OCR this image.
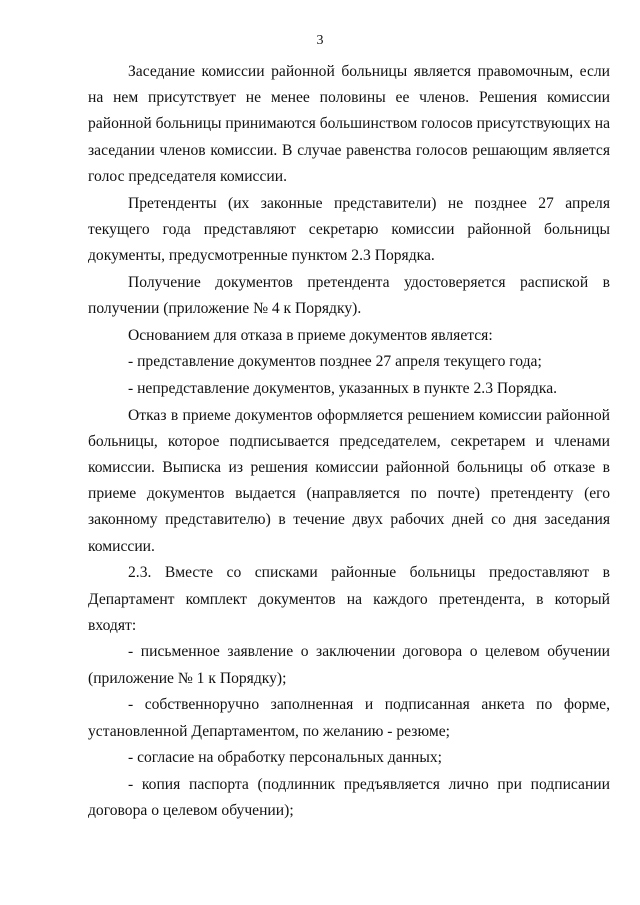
3

Заседание комиссии районной больницы является правомочным, если на нем присутствует не менее половины ее членов. Решения комиссии районной больницы принимаются большинством голосов присутствующих на заседании членов комиссии. В случае равенства голосов решающим является голос председателя комиссии.

Претенденты (их законные представители) не позднее 27 апреля текущего года представляют секретарю комиссии районной больницы документы, предусмотренные пунктом 2.3 Порядка.

Получение документов претендента удостоверяется распиской в получении (приложение № 4 к Порядку).

Основанием для отказа в приеме документов является:

- представление документов позднее 27 апреля текущего года;

- непредставление документов, указанных в пункте 2.3 Порядка.

Отказ в приеме документов оформляется решением комиссии районной больницы, которое подписывается председателем, секретарем и членами комиссии. Выписка из решения комиссии районной больницы об отказе в приеме документов выдается (направляется по почте) претенденту (его законному представителю) в течение двух рабочих дней со дня заседания комиссии.

2.3. Вместе со списками районные больницы предоставляют в Департамент комплект документов на каждого претендента, в который входят:

- письменное заявление о заключении договора о целевом обучении (приложение № 1 к Порядку);

- собственноручно заполненная и подписанная анкета по форме, установленной Департаментом, по желанию - резюме;

- согласие на обработку персональных данных;

- копия паспорта (подлинник предъявляется лично при подписании договора о целевом обучении);
